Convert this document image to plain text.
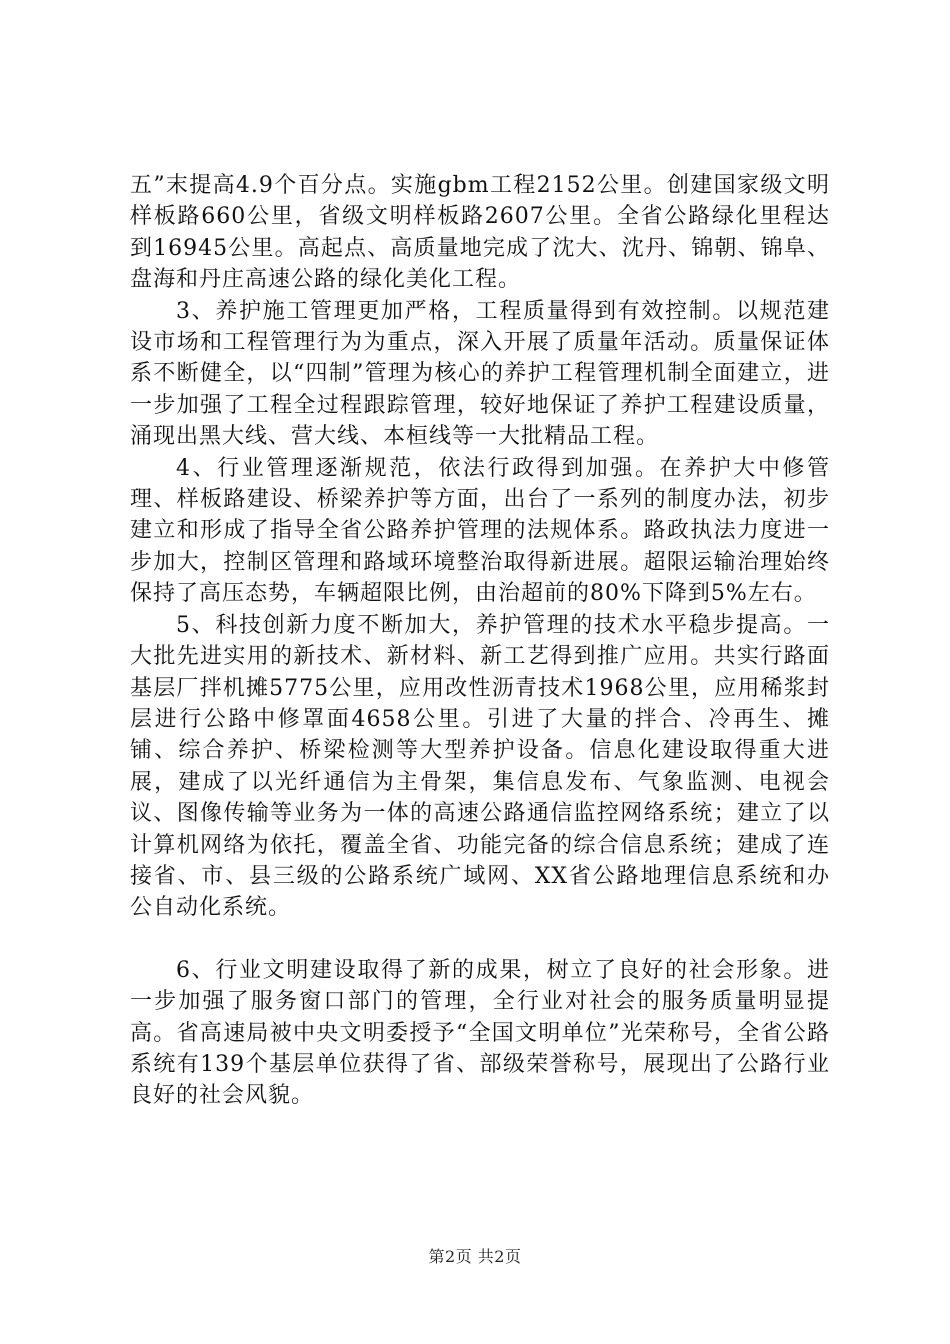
五”末提高4.9个百分点。实施gbm工程2152公里。创建国家级文明样板路660公里，省级文明样板路2607公里。全省公路绿化里程达到16945公里。高起点、高质量地完成了沈大、沈丹、锦朝、锦阜、盘海和丹庄高速公路的绿化美化工程。

3、养护施工管理更加严格，工程质量得到有效控制。以规范建设市场和工程管理行为为重点，深入开展了质量年活动。质量保证体系不断健全，以“四制”管理为核心的养护工程管理机制全面建立，进一步加强了工程全过程跟踪管理，较好地保证了养护工程建设质量，涌现出黑大线、营大线、本桓线等一大批精品工程。

4、行业管理逐渐规范，依法行政得到加强。在养护大中修管理、样板路建设、桥梁养护等方面，出台了一系列的制度办法，初步建立和形成了指导全省公路养护管理的法规体系。路政执法力度进一步加大，控制区管理和路域环境整治取得新进展。超限运输治理始终保持了高压态势，车辆超限比例，由治超前的80%下降到5%左右。

5、科技创新力度不断加大，养护管理的技术水平稳步提高。一大批先进实用的新技术、新材料、新工艺得到推广应用。共实行路面基层厂拌机摊5775公里，应用改性沥青技术1968公里，应用稀浆封层进行公路中修罩面4658公里。引进了大量的拌合、冷再生、摊铺、综合养护、桥梁检测等大型养护设备。信息化建设取得重大进展，建成了以光纤通信为主骨架，集信息发布、气象监测、电视会议、图像传输等业务为一体的高速公路通信监控网络系统；建立了以计算机网络为依托，覆盖全省、功能完备的综合信息系统；建成了连接省、市、县三级的公路系统广域网、XX省公路地理信息系统和办公自动化系统。

6、行业文明建设取得了新的成果，树立了良好的社会形象。进一步加强了服务窗口部门的管理，全行业对社会的服务质量明显提高。省高速局被中央文明委授予“全国文明单位”光荣称号，全省公路系统有139个基层单位获得了省、部级荣誉称号，展现出了公路行业良好的社会风貌。

第2页 共2页
